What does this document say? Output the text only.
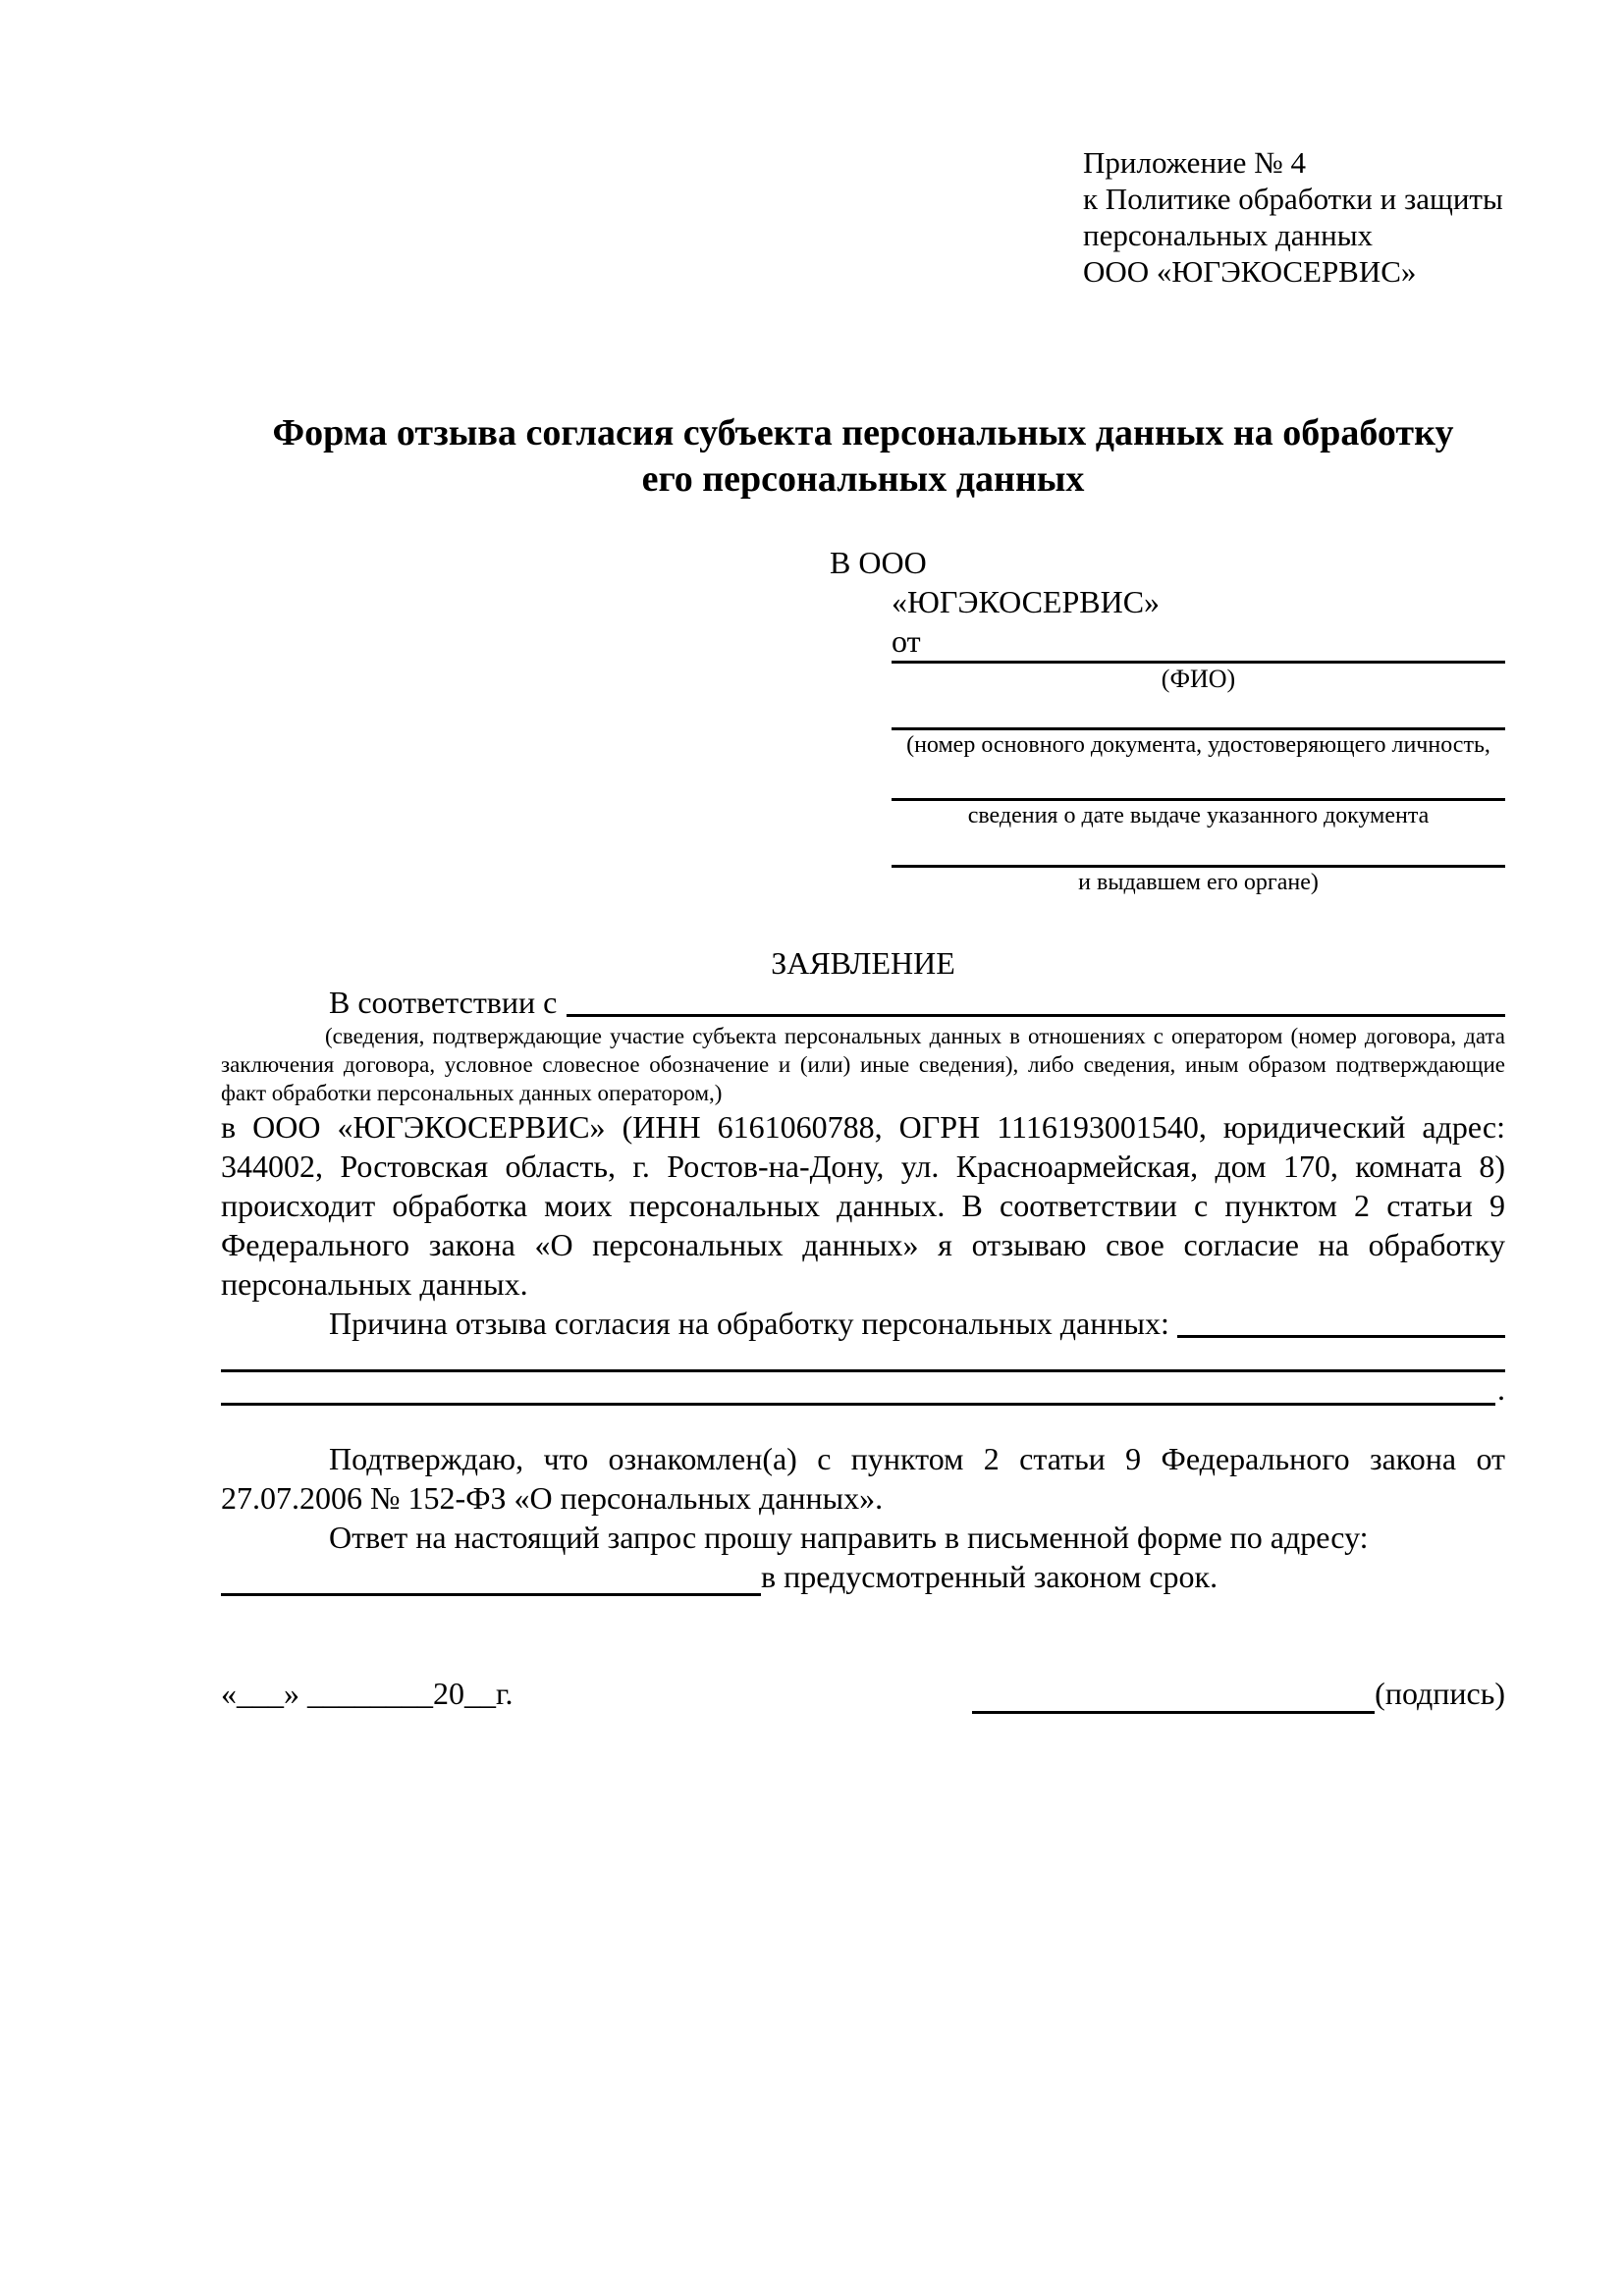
Приложение № 4
к Политике обработки и защиты
персональных данных
ООО «ЮГЭКОСЕРВИС»
Форма отзыва согласия субъекта персональных данных на обработку
его персональных данных
В ООО
«ЮГЭКОСЕРВИС»
от
(ФИО)
(номер основного документа, удостоверяющего личность,
сведения о дате выдаче указанного документа
и выдавшем его органе)
ЗАЯВЛЕНИЕ
В соответствии с
(сведения, подтверждающие участие субъекта персональных данных в отношениях с оператором (номер договора, дата заключения договора, условное словесное обозначение и (или) иные сведения), либо сведения, иным образом подтверждающие факт обработки персональных данных оператором,)
в ООО «ЮГЭКОСЕРВИС» (ИНН 6161060788, ОГРН 1116193001540, юридический адрес: 344002, Ростовская область, г. Ростов-на-Дону, ул. Красноармейская, дом 170, комната 8) происходит обработка моих персональных данных. В соответствии с пунктом 2 статьи 9 Федерального закона «О персональных данных» я отзываю свое согласие на обработку персональных данных.
Причина отзыва согласия на обработку персональных данных:
.
Подтверждаю, что ознакомлен(а) с пунктом 2 статьи 9 Федерального закона от 27.07.2006 № 152-ФЗ «О персональных данных».
Ответ на настоящий запрос прошу направить в письменной форме по адресу:
в предусмотренный законом срок.
«___» ________20__г.	(подпись)
